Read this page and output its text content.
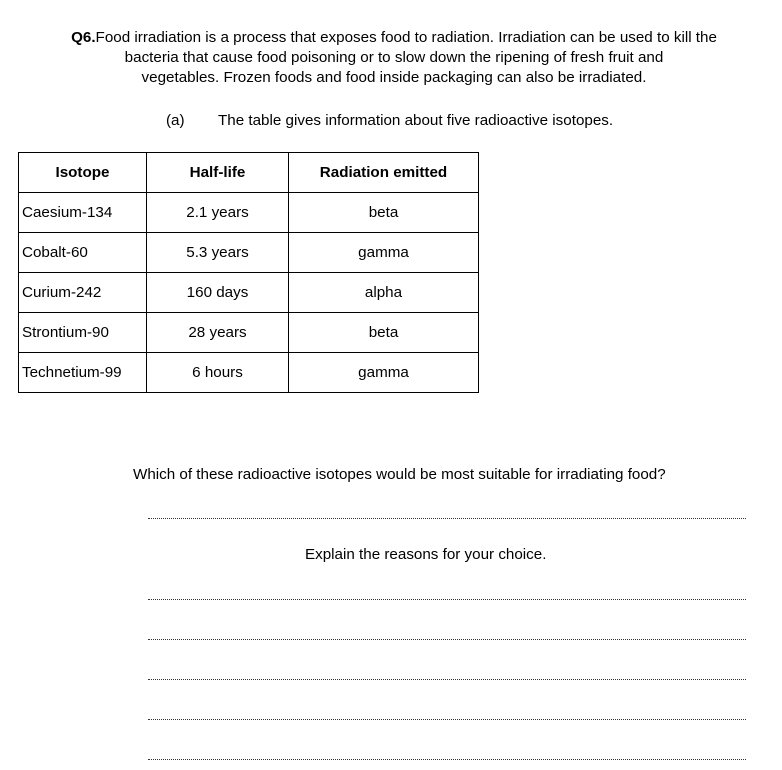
Q6.Food irradiation is a process that exposes food to radiation. Irradiation can be used to kill the
bacteria that cause food poisoning or to slow down the ripening of fresh fruit and
vegetables. Frozen foods and food inside packaging can also be irradiated.
(a) The table gives information about five radioactive isotopes.
Isotope	Half-life	Radiation emitted
Caesium-134	2.1 years	beta
Cobalt-60	5.3 years	gamma
Curium-242	160 days	alpha
Strontium-90	28 years	beta
Technetium-99	6 hours	gamma
Which of these radioactive isotopes would be most suitable for irradiating food?
Explain the reasons for your choice.
